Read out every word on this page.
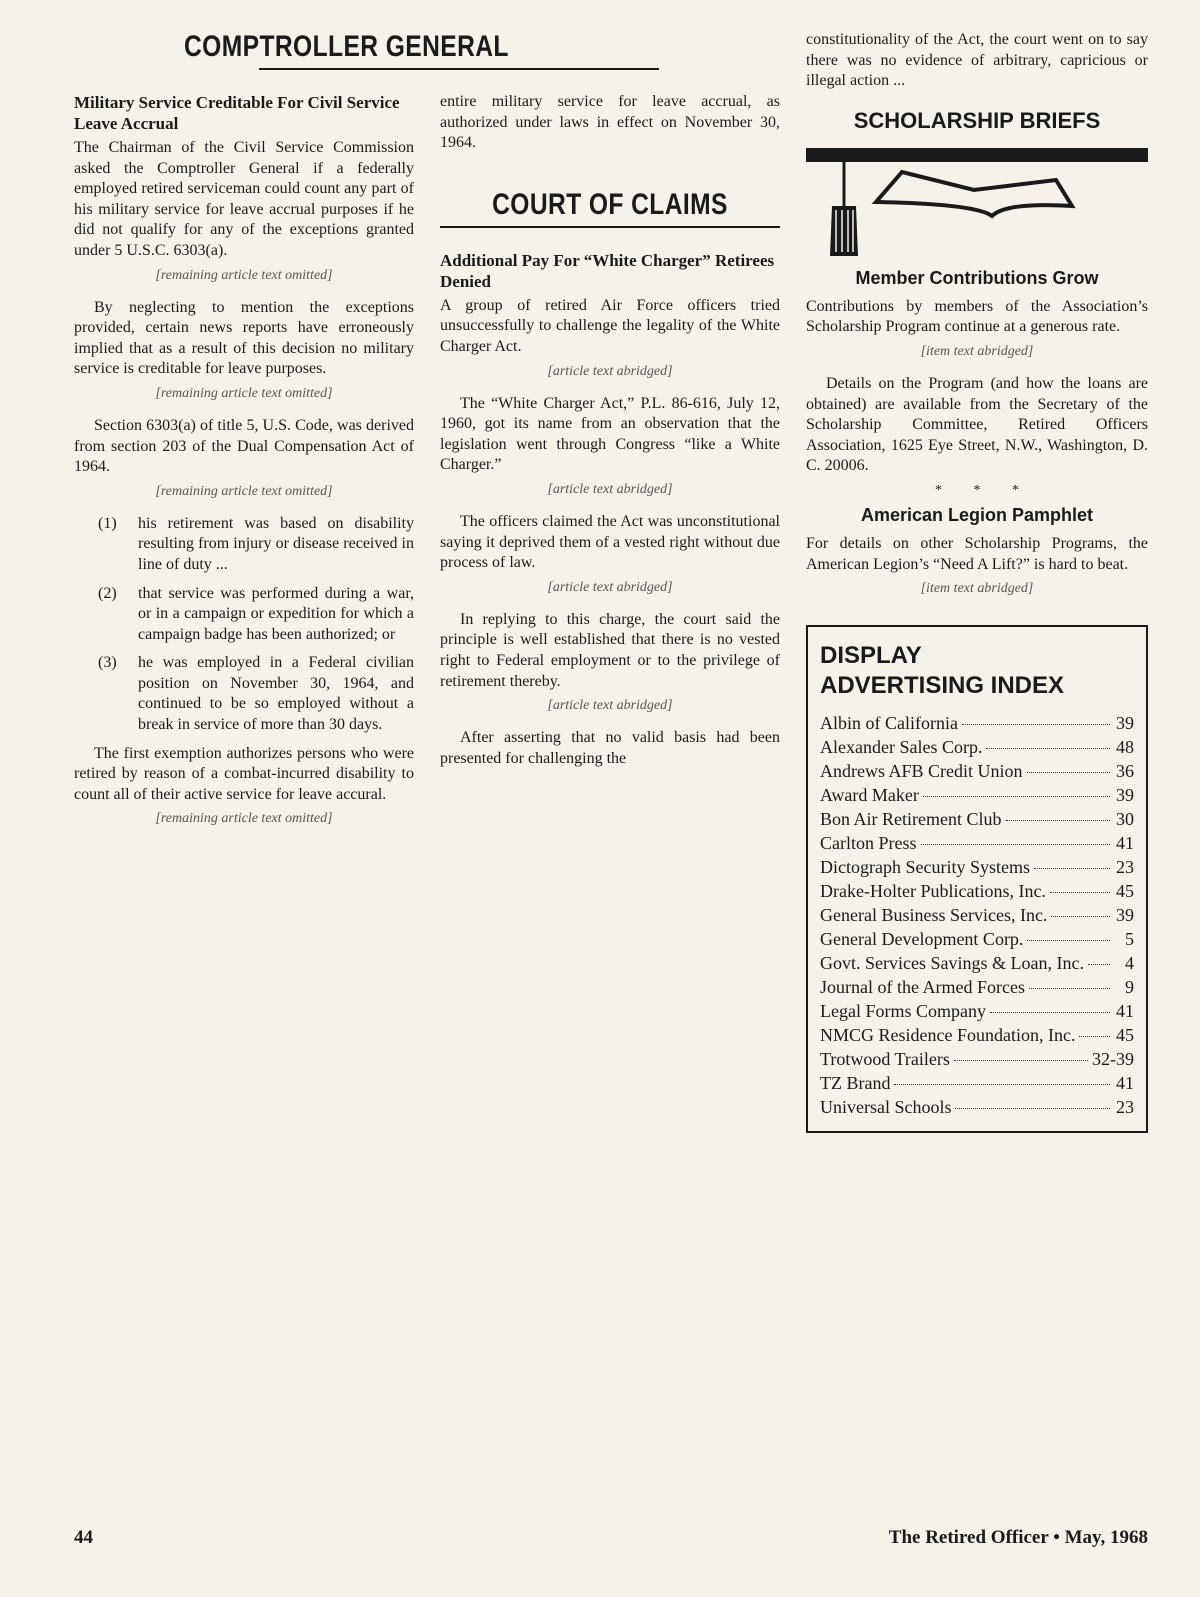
COMPTROLLER GENERAL
Military Service Creditable For Civil Service Leave Accrual

The Chairman of the Civil Service Commission asked the Comptroller General if a federally employed retired serviceman could count any part of his military service for leave accrual purposes if he did not qualify for any of the exceptions granted under 5 U.S.C. 6303(a).

[remaining article text omitted]

By neglecting to mention the exceptions provided, certain news reports have erroneously implied that as a result of this decision no military service is creditable for leave purposes.

[remaining article text omitted]

Section 6303(a) of title 5, U.S. Code, was derived from section 203 of the Dual Compensation Act of 1964.

[remaining article text omitted]
(1)	his retirement was based on disability resulting from injury or disease received in line of duty ...
(2)	that service was performed during a war, or in a campaign or expedition for which a campaign badge has been authorized; or
(3)	he was employed in a Federal civilian position on November 30, 1964, and continued to be so employed without a break in service of more than 30 days.

The first exemption authorizes persons who were retired by reason of a combat-incurred disability to count all of their active service for leave accural.

[remaining article text omitted]

entire military service for leave accrual, as authorized under laws in effect on November 30, 1964.

COURT OF CLAIMS
Additional Pay For “White Charger” Retirees Denied

A group of retired Air Force officers tried unsuccessfully to challenge the legality of the White Charger Act.

[article text abridged]

The “White Charger Act,” P.L. 86-616, July 12, 1960, got its name from an observation that the legislation went through Congress “like a White Charger.”

[article text abridged]

The officers claimed the Act was unconstitutional saying it deprived them of a vested right without due process of law.

[article text abridged]

In replying to this charge, the court said the principle is well established that there is no vested right to Federal employment or to the privilege of retirement thereby.

[article text abridged]

After asserting that no valid basis had been presented for challenging the

constitutionality of the Act, the court went on to say there was no evidence of arbitrary, capricious or illegal action ...

SCHOLARSHIP BRIEFS
Member Contributions Grow

Contributions by members of the Association’s Scholarship Program continue at a generous rate.

[item text abridged]

Details on the Program (and how the loans are obtained) are available from the Secretary of the Scholarship Committee, Retired Officers Association, 1625 Eye Street, N.W., Washington, D. C. 20006.

* * *
American Legion Pamphlet

For details on other Scholarship Programs, the American Legion’s “Need A Lift?” is hard to beat.

[item text abridged]
DISPLAY
ADVERTISING INDEX
Albin of California	39
Alexander Sales Corp.	48
Andrews AFB Credit Union	36
Award Maker	39
Bon Air Retirement Club	30
Carlton Press	41
Dictograph Security Systems	23
Drake-Holter Publications, Inc.	45
General Business Services, Inc.	39
General Development Corp.	5
Govt. Services Savings & Loan, Inc.	4
Journal of the Armed Forces	9
Legal Forms Company	41
NMCG Residence Foundation, Inc. 45
Trotwood Trailers	32-39
TZ Brand	41
Universal Schools	23
44	The Retired Officer • May, 1968
